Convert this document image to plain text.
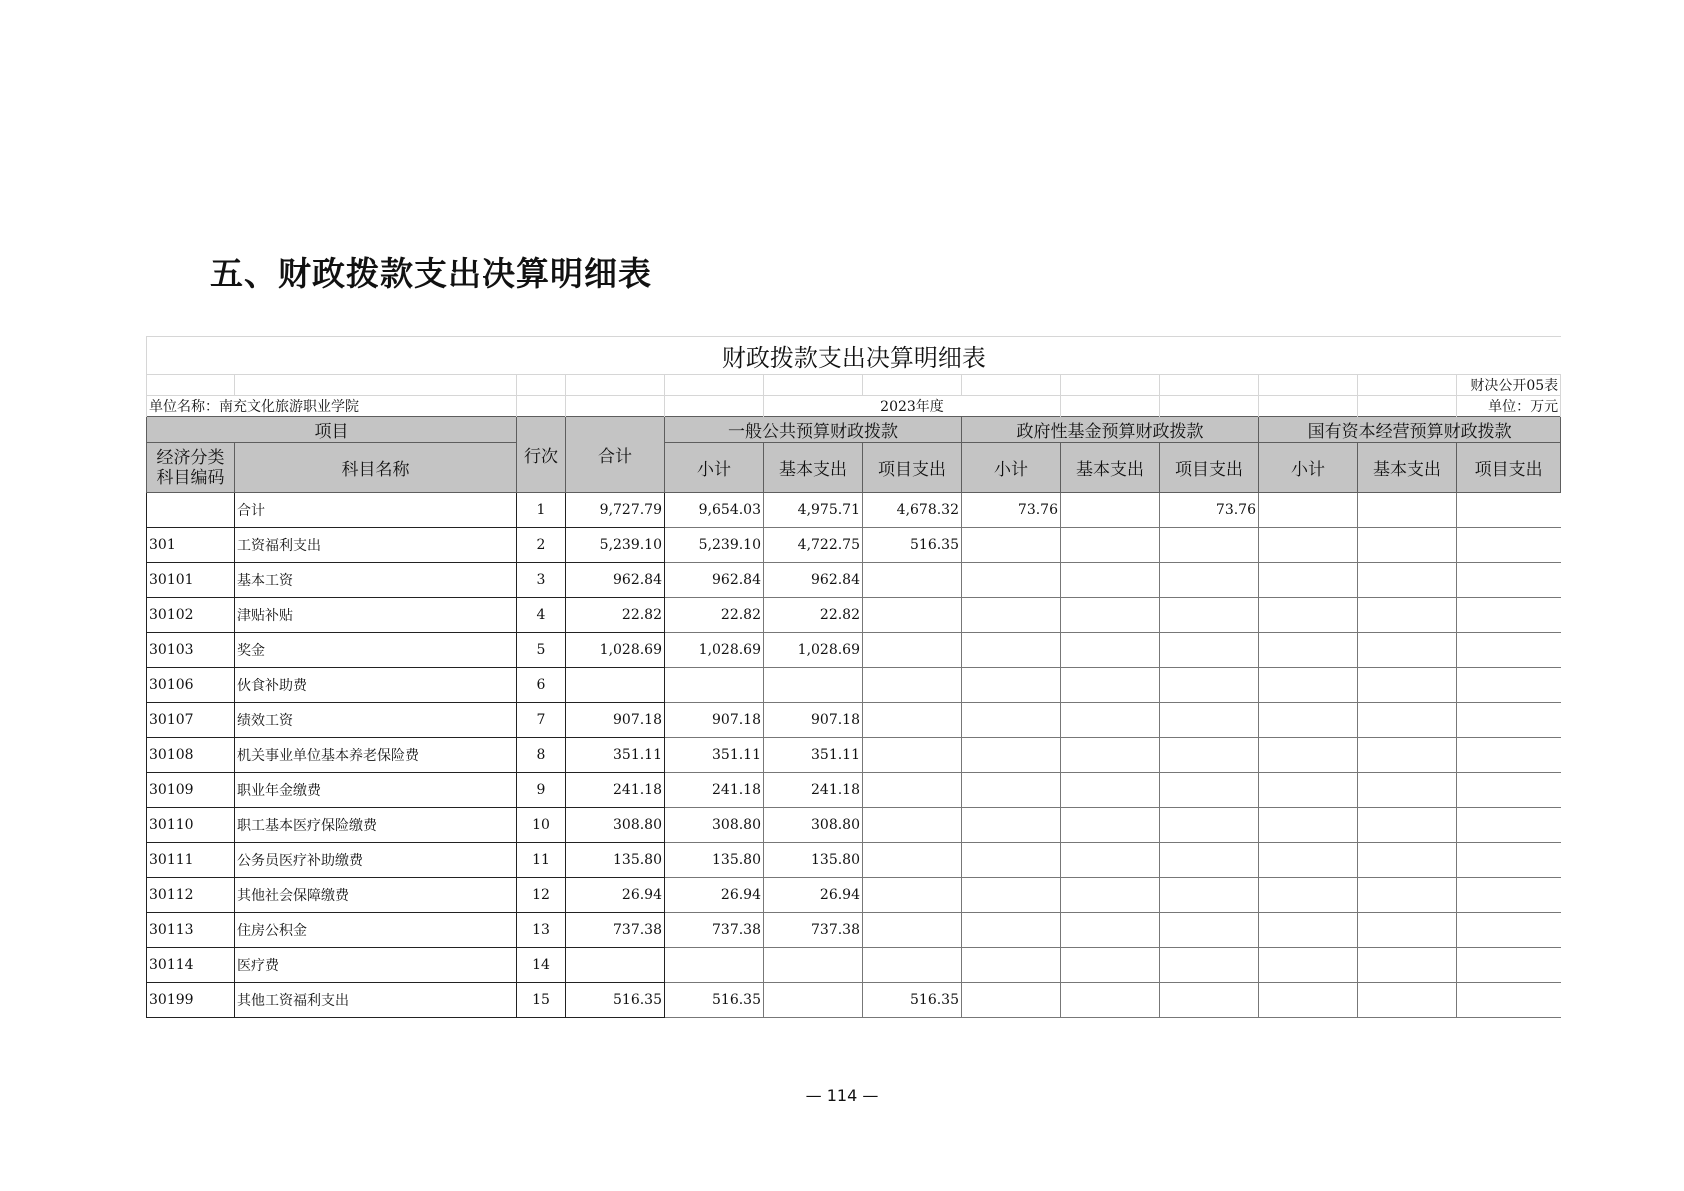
五、财政拨款支出决算明细表
财政拨款支出决算明细表												
												财决公开05表
单位名称：南充文化旅游职业学院					2023年度							单位：万元
项目		行次	合计	一般公共预算财政拨款			政府性基金预算财政拨款			国有资本经营预算财政拨款		
经济分类科目编码	科目名称			小计	基本支出	项目支出	小计	基本支出	项目支出	小计	基本支出	项目支出
	合计	1	9,727.79	9,654.03	4,975.71	4,678.32	73.76		73.76			
301	工资福利支出	2	5,239.10	5,239.10	4,722.75	516.35						
30101	基本工资	3	962.84	962.84	962.84							
30102	津贴补贴	4	22.82	22.82	22.82							
30103	奖金	5	1,028.69	1,028.69	1,028.69							
30106	伙食补助费	6										
30107	绩效工资	7	907.18	907.18	907.18							
30108	机关事业单位基本养老保险费	8	351.11	351.11	351.11							
30109	职业年金缴费	9	241.18	241.18	241.18							
30110	职工基本医疗保险缴费	10	308.80	308.80	308.80							
30111	公务员医疗补助缴费	11	135.80	135.80	135.80							
30112	其他社会保障缴费	12	26.94	26.94	26.94							
30113	住房公积金	13	737.38	737.38	737.38							
30114	医疗费	14										
30199	其他工资福利支出	15	516.35	516.35		516.35						
— 114 —
